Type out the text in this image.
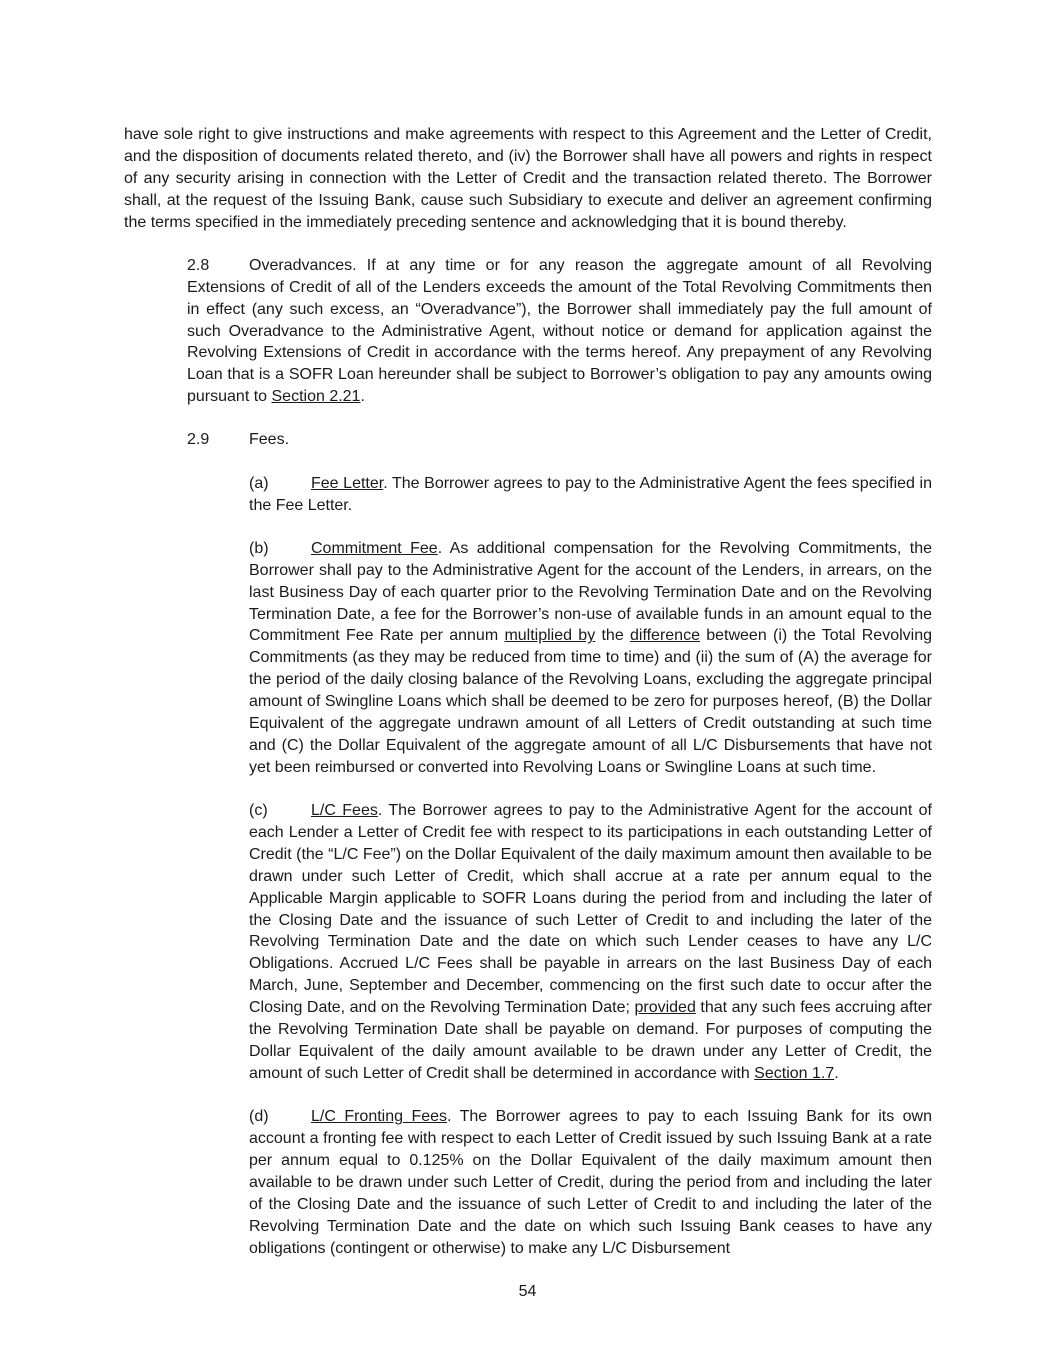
have sole right to give instructions and make agreements with respect to this Agreement and the Letter of Credit, and the disposition of documents related thereto, and (iv) the Borrower shall have all powers and rights in respect of any security arising in connection with the Letter of Credit and the transaction related thereto. The Borrower shall, at the request of the Issuing Bank, cause such Subsidiary to execute and deliver an agreement confirming the terms specified in the immediately preceding sentence and acknowledging that it is bound thereby.

2.8 Overadvances. If at any time or for any reason the aggregate amount of all Revolving Extensions of Credit of all of the Lenders exceeds the amount of the Total Revolving Commitments then in effect (any such excess, an “Overadvance”), the Borrower shall immediately pay the full amount of such Overadvance to the Administrative Agent, without notice or demand for application against the Revolving Extensions of Credit in accordance with the terms hereof. Any prepayment of any Revolving Loan that is a SOFR Loan hereunder shall be subject to Borrower’s obligation to pay any amounts owing pursuant to Section 2.21.

2.9 Fees.

(a)	Fee Letter. The Borrower agrees to pay to the Administrative Agent the fees specified in the Fee Letter.

(b)	Commitment Fee. As additional compensation for the Revolving Commitments, the Borrower shall pay to the Administrative Agent for the account of the Lenders, in arrears, on the last Business Day of each quarter prior to the Revolving Termination Date and on the Revolving Termination Date, a fee for the Borrower’s non-use of available funds in an amount equal to the Commitment Fee Rate per annum multiplied by the difference between (i) the Total Revolving Commitments (as they may be reduced from time to time) and (ii) the sum of (A) the average for the period of the daily closing balance of the Revolving Loans, excluding the aggregate principal amount of Swingline Loans which shall be deemed to be zero for purposes hereof, (B) the Dollar Equivalent of the aggregate undrawn amount of all Letters of Credit outstanding at such time and (C) the Dollar Equivalent of the aggregate amount of all L/C Disbursements that have not yet been reimbursed or converted into Revolving Loans or Swingline Loans at such time.

(c)	L/C Fees. The Borrower agrees to pay to the Administrative Agent for the account of each Lender a Letter of Credit fee with respect to its participations in each outstanding Letter of Credit (the “L/C Fee”) on the Dollar Equivalent of the daily maximum amount then available to be drawn under such Letter of Credit, which shall accrue at a rate per annum equal to the Applicable Margin applicable to SOFR Loans during the period from and including the later of the Closing Date and the issuance of such Letter of Credit to and including the later of the Revolving Termination Date and the date on which such Lender ceases to have any L/C Obligations. Accrued L/C Fees shall be payable in arrears on the last Business Day of each March, June, September and December, commencing on the first such date to occur after the Closing Date, and on the Revolving Termination Date; provided that any such fees accruing after the Revolving Termination Date shall be payable on demand. For purposes of computing the Dollar Equivalent of the daily amount available to be drawn under any Letter of Credit, the amount of such Letter of Credit shall be determined in accordance with Section 1.7.

(d)	L/C Fronting Fees. The Borrower agrees to pay to each Issuing Bank for its own account a fronting fee with respect to each Letter of Credit issued by such Issuing Bank at a rate per annum equal to 0.125% on the Dollar Equivalent of the daily maximum amount then available to be drawn under such Letter of Credit, during the period from and including the later of the Closing Date and the issuance of such Letter of Credit to and including the later of the Revolving Termination Date and the date on which such Issuing Bank ceases to have any obligations (contingent or otherwise) to make any L/C Disbursement

54
